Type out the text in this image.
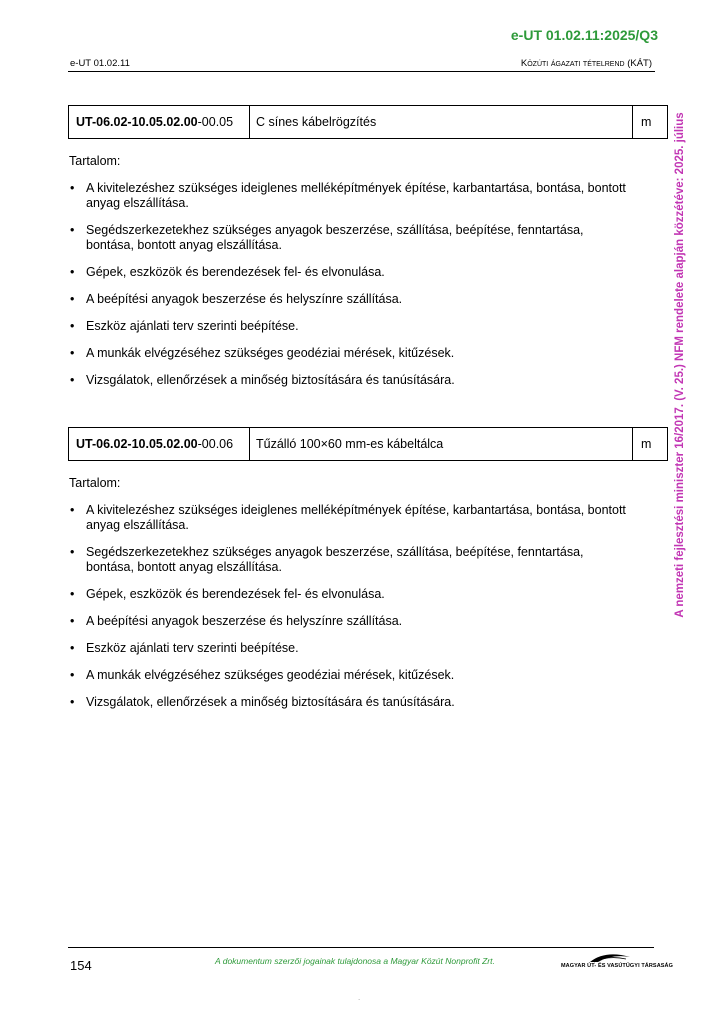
e-UT 01.02.11:2025/Q3
e-UT 01.02.11	Közúti ágazati tételrend (KÁT)
A nemzeti fejlesztési miniszter 16/2017. (V. 25.) NFM rendelete alapján közzétéve: 2025. július
UT-06.02-10.05.02.00 -00.05	C sínes kábelrögzítés	m
Tartalom:
• A kivitelezéshez szükséges ideiglenes melléképítmények építése, karbantartása, bontása, bontott anyag elszállítása.
• Segédszerkezetekhez szükséges anyagok beszerzése, szállítása, beépítése, fenntartása, bontása, bontott anyag elszállítása.
• Gépek, eszközök és berendezések fel- és elvonulása.
• A beépítési anyagok beszerzése és helyszínre szállítása.
• Eszköz ajánlati terv szerinti beépítése.
• A munkák elvégzéséhez szükséges geodéziai mérések, kitűzések.
• Vizsgálatok, ellenőrzések a minőség biztosítására és tanúsítására.
UT-06.02-10.05.02.00 -00.06	Tűzálló 100×60 mm-es kábeltálca	m
Tartalom:
• A kivitelezéshez szükséges ideiglenes melléképítmények építése, karbantartása, bontása, bontott anyag elszállítása.
• Segédszerkezetekhez szükséges anyagok beszerzése, szállítása, beépítése, fenntartása, bontása, bontott anyag elszállítása.
• Gépek, eszközök és berendezések fel- és elvonulása.
• A beépítési anyagok beszerzése és helyszínre szállítása.
• Eszköz ajánlati terv szerinti beépítése.
• A munkák elvégzéséhez szükséges geodéziai mérések, kitűzések.
• Vizsgálatok, ellenőrzések a minőség biztosítására és tanúsítására.
154	A dokumentum szerzői jogainak tulajdonosa a Magyar Közút Nonprofit Zrt.	MAGYAR ÚT- ÉS VASÚTÜGYI TÁRSASÁG
.
